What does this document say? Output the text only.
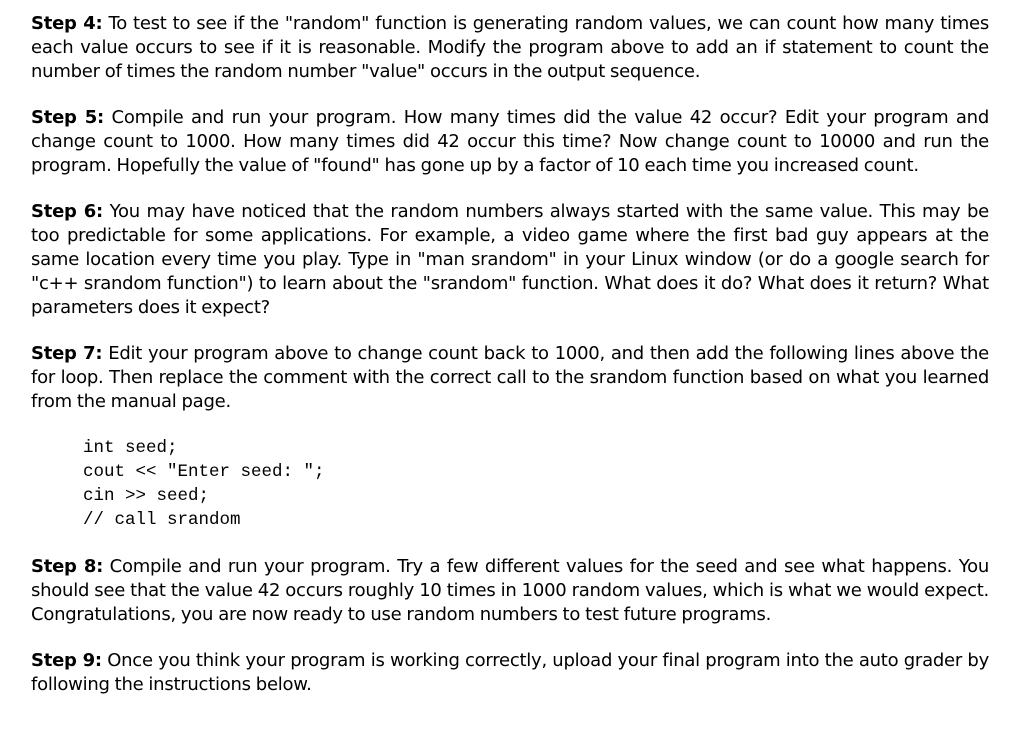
Step 4: To test to see if the "random" function is generating random values, we can count how many times each value occurs to see if it is reasonable. Modify the program above to add an if statement to count the number of times the random number "value" occurs in the output sequence.

Step 5: Compile and run your program. How many times did the value 42 occur? Edit your program and change count to 1000. How many times did 42 occur this time? Now change count to 10000 and run the program. Hopefully the value of "found" has gone up by a factor of 10 each time you increased count.

Step 6: You may have noticed that the random numbers always started with the same value. This may be too predictable for some applications. For example, a video game where the first bad guy appears at the same location every time you play. Type in "man srandom" in your Linux window (or do a google search for "c++ srandom function") to learn about the "srandom" function. What does it do? What does it return? What parameters does it expect?

Step 7: Edit your program above to change count back to 1000, and then add the following lines above the for loop. Then replace the comment with the correct call to the srandom function based on what you learned from the manual page.

int seed;
cout << "Enter seed: ";
cin >> seed;
// call srandom

Step 8: Compile and run your program. Try a few different values for the seed and see what happens. You should see that the value 42 occurs roughly 10 times in 1000 random values, which is what we would expect. Congratulations, you are now ready to use random numbers to test future programs.

Step 9: Once you think your program is working correctly, upload your final program into the auto grader by following the instructions below.
